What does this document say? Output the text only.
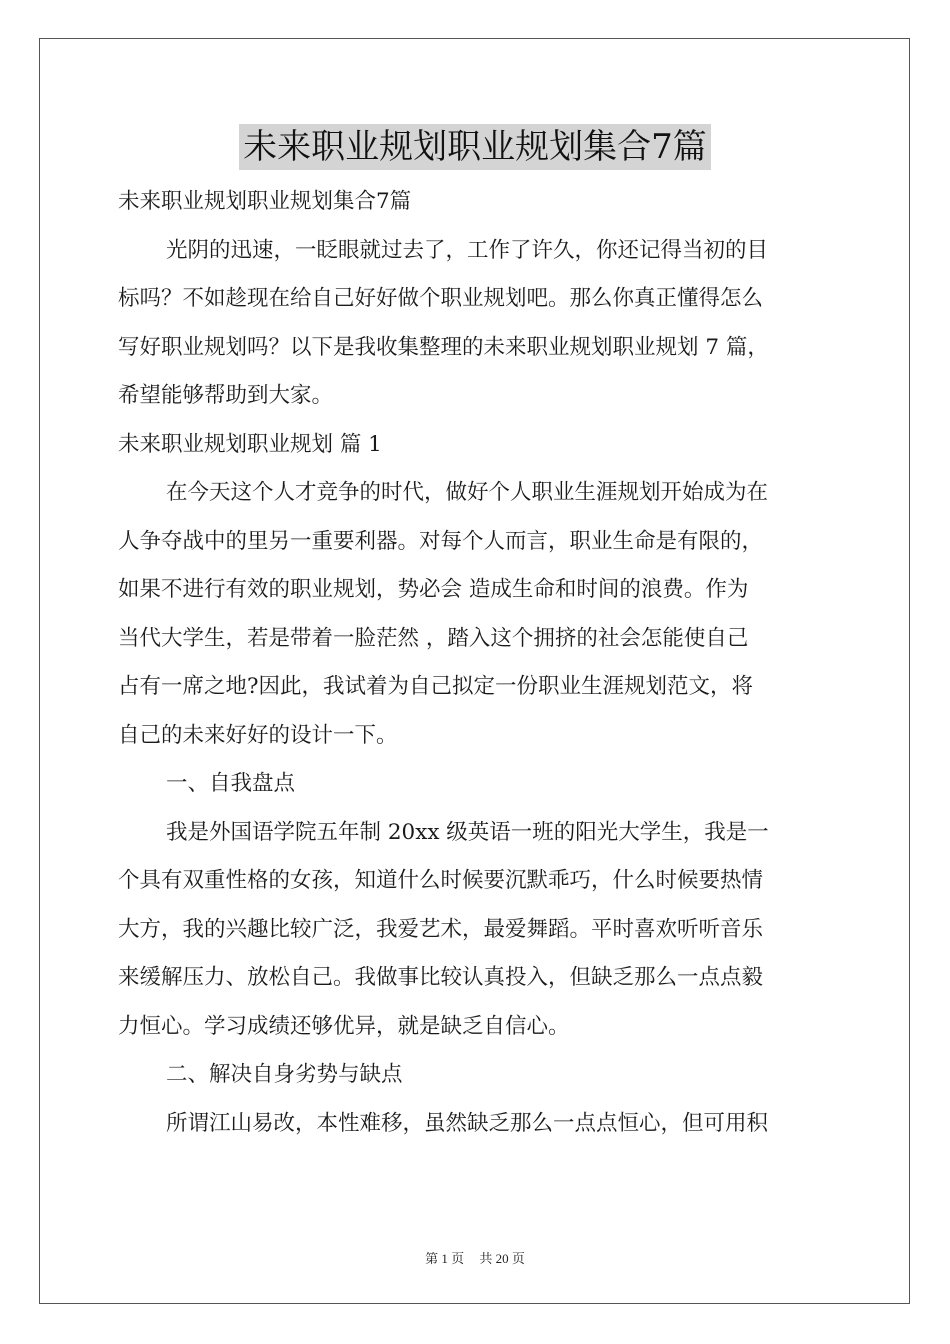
未来职业规划职业规划集合7篇
未来职业规划职业规划集合7篇
光阴的迅速，一眨眼就过去了，工作了许久，你还记得当初的目
标吗？不如趁现在给自己好好做个职业规划吧。那么你真正懂得怎么
写好职业规划吗？以下是我收集整理的未来职业规划职业规划 7 篇，
希望能够帮助到大家。
未来职业规划职业规划 篇 1
在今天这个人才竞争的时代，做好个人职业生涯规划开始成为在
人争夺战中的里另一重要利器。对每个人而言，职业生命是有限的，
如果不进行有效的职业规划，势必会 造成生命和时间的浪费。作为
当代大学生，若是带着一脸茫然 ，踏入这个拥挤的社会怎能使自己
占有一席之地?因此，我试着为自己拟定一份职业生涯规划范文，将
自己的未来好好的设计一下。
一、自我盘点
我是外国语学院五年制 20xx 级英语一班的阳光大学生，我是一
个具有双重性格的女孩，知道什么时候要沉默乖巧，什么时候要热情
大方，我的兴趣比较广泛，我爱艺术，最爱舞蹈。平时喜欢听听音乐
来缓解压力、放松自己。我做事比较认真投入，但缺乏那么一点点毅
力恒心。学习成绩还够优异，就是缺乏自信心。
二、解决自身劣势与缺点
所谓江山易改，本性难移，虽然缺乏那么一点点恒心，但可用积
第 1 页 共 20 页
